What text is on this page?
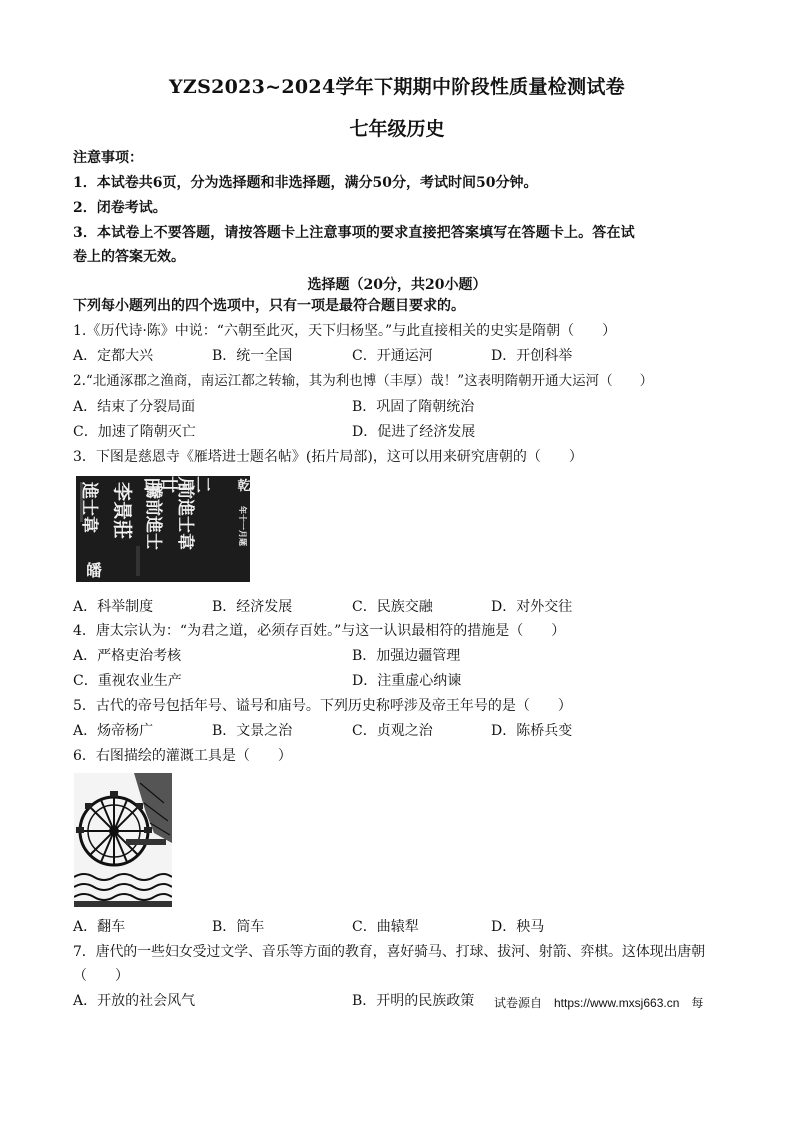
YZS2023~2024学年下期期中阶段性质量检测试卷
七年级历史
注意事项：
1．本试卷共6页，分为选择题和非选择题，满分50分，考试时间50分钟。
2．闭卷考试。
3．本试卷上不要答题，请按答题卡上注意事项的要求直接把答案填写在答题卡上。答在试
卷上的答案无效。
选择题（20分，共20小题）
下列每小题列出的四个选项中，只有一项是最符合题目要求的。
1.《历代诗·陈》中说：“六朝至此灭，天下归杨坚。”与此直接相关的史实是隋朝（　　）
A．定都大兴	B．统一全国	C．开通运河	D．开创科举
2.“北通涿郡之渔商，南运江都之转输，其为利也博（丰厚）哉！”这表明隋朝开通大运河（　　）
A．结束了分裂局面	B．巩固了隋朝统治
C．加速了隋朝灭亡	D．促进了经济发展
3．下图是慈恩寺《雁塔进士题名帖》(拓片局部)，这可以用来研究唐朝的（　　）
乾
年十一月题
二月廿日
前進士韋
騰前進士
李景莊
進士韋
皤
A．科举制度	B．经济发展	C．民族交融	D．对外交往
4．唐太宗认为：“为君之道，必须存百姓。”与这一认识最相符的措施是（　　）
A．严格吏治考核	B．加强边疆管理
C．重视农业生产	D．注重虚心纳谏
5．古代的帝号包括年号、谥号和庙号。下列历史称呼涉及帝王年号的是（　　）
A．炀帝杨广	B．文景之治	C．贞观之治	D．陈桥兵变
6．右图描绘的灌溉工具是（　　）
A．翻车	B．筒车	C．曲辕犁	D．秧马
7．唐代的一些妇女受过文学、音乐等方面的教育，喜好骑马、打球、拔河、射箭、弈棋。这体现出唐朝
（　　）
A．开放的社会风气	B．开明的民族政策 试卷源自　https://www.mxsj663.cn　每
